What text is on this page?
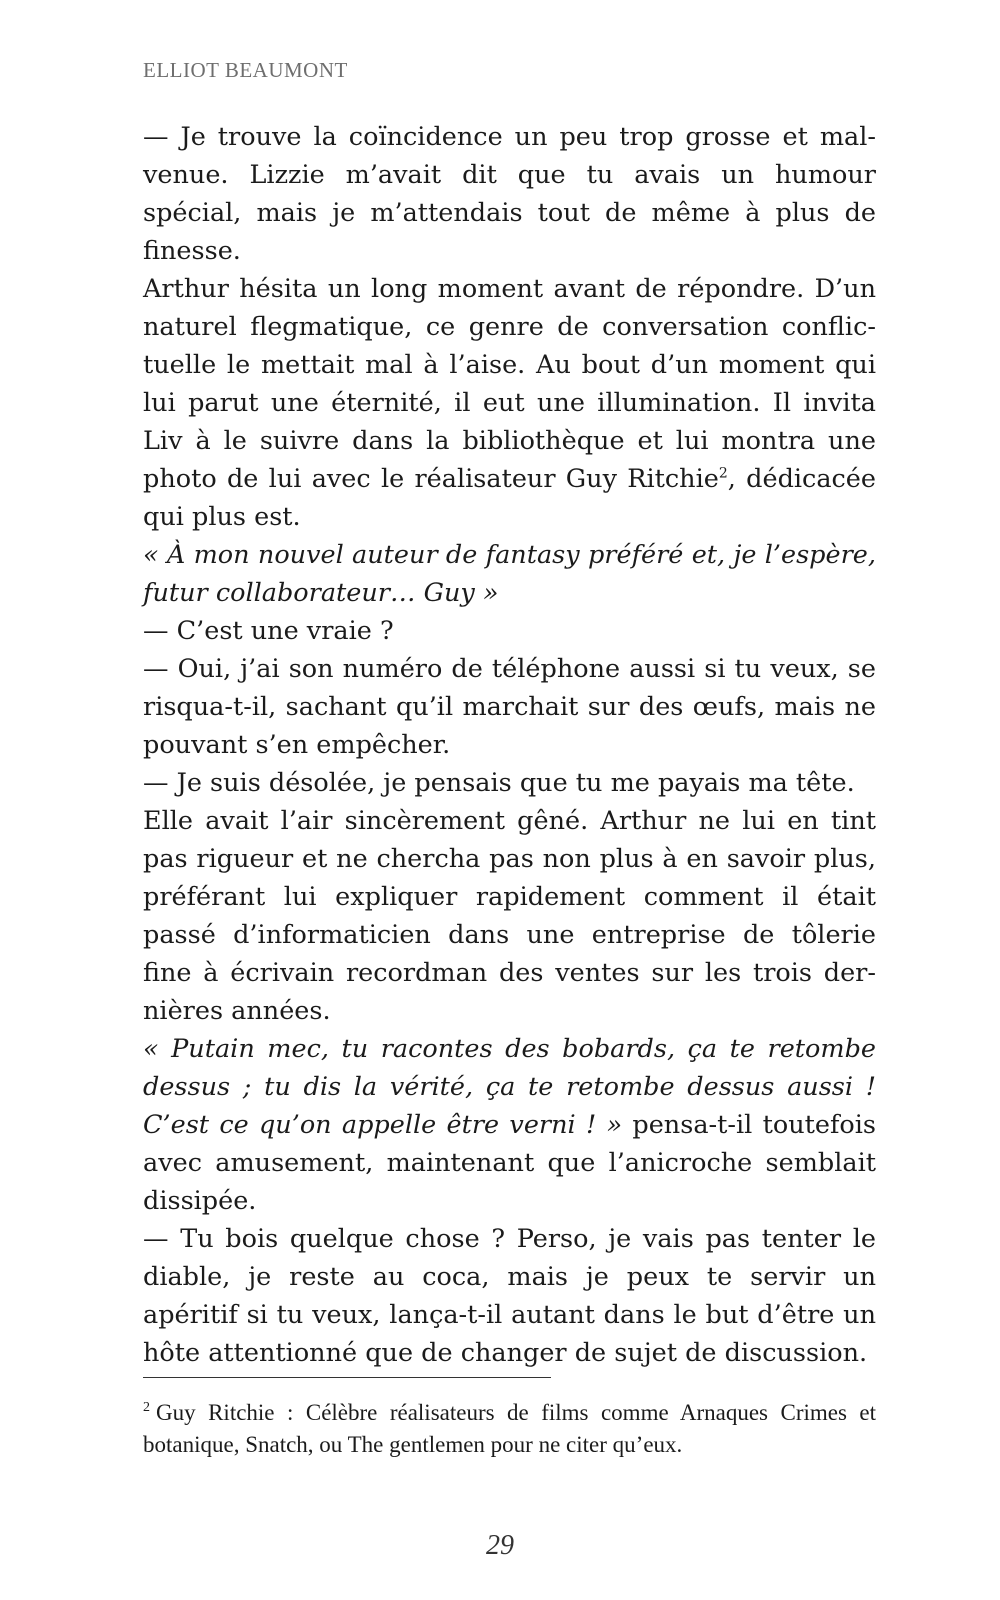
ELLIOT BEAUMONT

— Je trouve la coïncidence un peu trop grosse et malvenue. Lizzie m’avait dit que tu avais un humour spécial, mais je m’attendais tout de même à plus de finesse.

Arthur hésita un long moment avant de répondre. D’un naturel flegmatique, ce genre de conversation conflictuelle le mettait mal à l’aise. Au bout d’un moment qui lui parut une éternité, il eut une illumination. Il invita Liv à le suivre dans la bibliothèque et lui montra une photo de lui avec le réalisateur Guy Ritchie$^2$, dédicacée qui plus est.

« À mon nouvel auteur de fantasy préféré et, je l’espère, futur collaborateur… Guy »

— C’est une vraie ?

— Oui, j’ai son numéro de téléphone aussi si tu veux, se risqua-t-il, sachant qu’il marchait sur des œufs, mais ne pouvant s’en empêcher.

— Je suis désolée, je pensais que tu me payais ma tête.

Elle avait l’air sincèrement gêné. Arthur ne lui en tint pas rigueur et ne chercha pas non plus à en savoir plus, préférant lui expliquer rapidement comment il était passé d’informaticien dans une entreprise de tôlerie fine à écrivain recordman des ventes sur les trois dernières années.

« Putain mec, tu racontes des bobards, ça te retombe dessus ; tu dis la vérité, ça te retombe dessus aussi ! C’est ce qu’on appelle être verni ! » pensa-t-il toutefois avec amusement, maintenant que l’anicroche semblait dissipée.

— Tu bois quelque chose ? Perso, je vais pas tenter le diable, je reste au coca, mais je peux te servir un apéritif si tu veux, lança-t-il autant dans le but d’être un hôte attentionné que de changer de sujet de discussion.

$^2$ Guy Ritchie : Célèbre réalisateurs de films comme Arnaques Crimes et botanique, Snatch, ou The gentlemen pour ne citer qu’eux.
29
